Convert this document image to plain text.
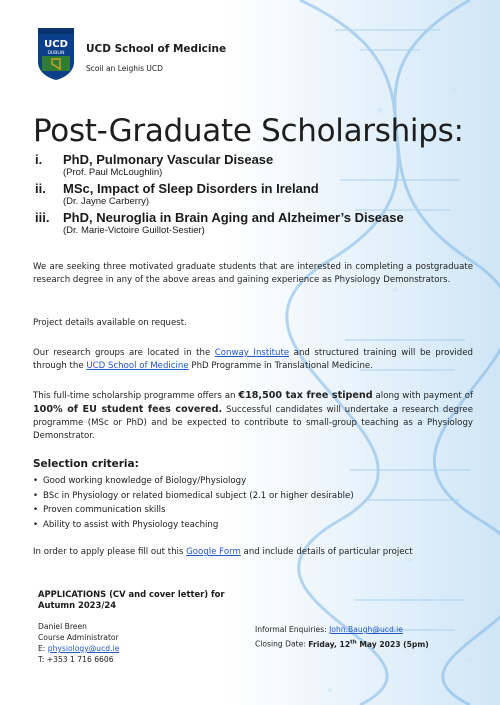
UCD
DUBLIN UCD School of Medicine
Scoil an Leighis UCD
Post-Graduate Scholarships:
i. PhD, Pulmonary Vascular Disease
(Prof. Paul McLoughlin)
ii. MSc, Impact of Sleep Disorders in Ireland
(Dr. Jayne Carberry)
iii. PhD, Neuroglia in Brain Aging and Alzheimer’s Disease
(Dr. Marie-Victoire Guillot-Sestier)
We are seeking three motivated graduate students that are interested in completing a postgraduate research degree in any of the above areas and gaining experience as Physiology Demonstrators.
Project details available on request.
Our research groups are located in the Conway Institute and structured training will be provided through the UCD School of Medicine PhD Programme in Translational Medicine.
This full-time scholarship programme offers an €18,500 tax free stipend along with payment of 100% of EU student fees covered. Successful candidates will undertake a research degree programme (MSc or PhD) and be expected to contribute to small-group teaching as a Physiology Demonstrator.
Selection criteria:
• Good working knowledge of Biology/Physiology
• BSc in Physiology or related biomedical subject (2.1 or higher desirable)
• Proven communication skills
• Ability to assist with Physiology teaching
In order to apply please fill out this Google Form and include details of particular project
APPLICATIONS (CV and cover letter) for Autumn 2023/24
Daniel Breen
Course Administrator
E: physiology@ucd.ie
T: +353 1 716 6606
Informal Enquiries: John.Baugh@ucd.ie
Closing Date: Friday, 12th May 2023 (5pm)
